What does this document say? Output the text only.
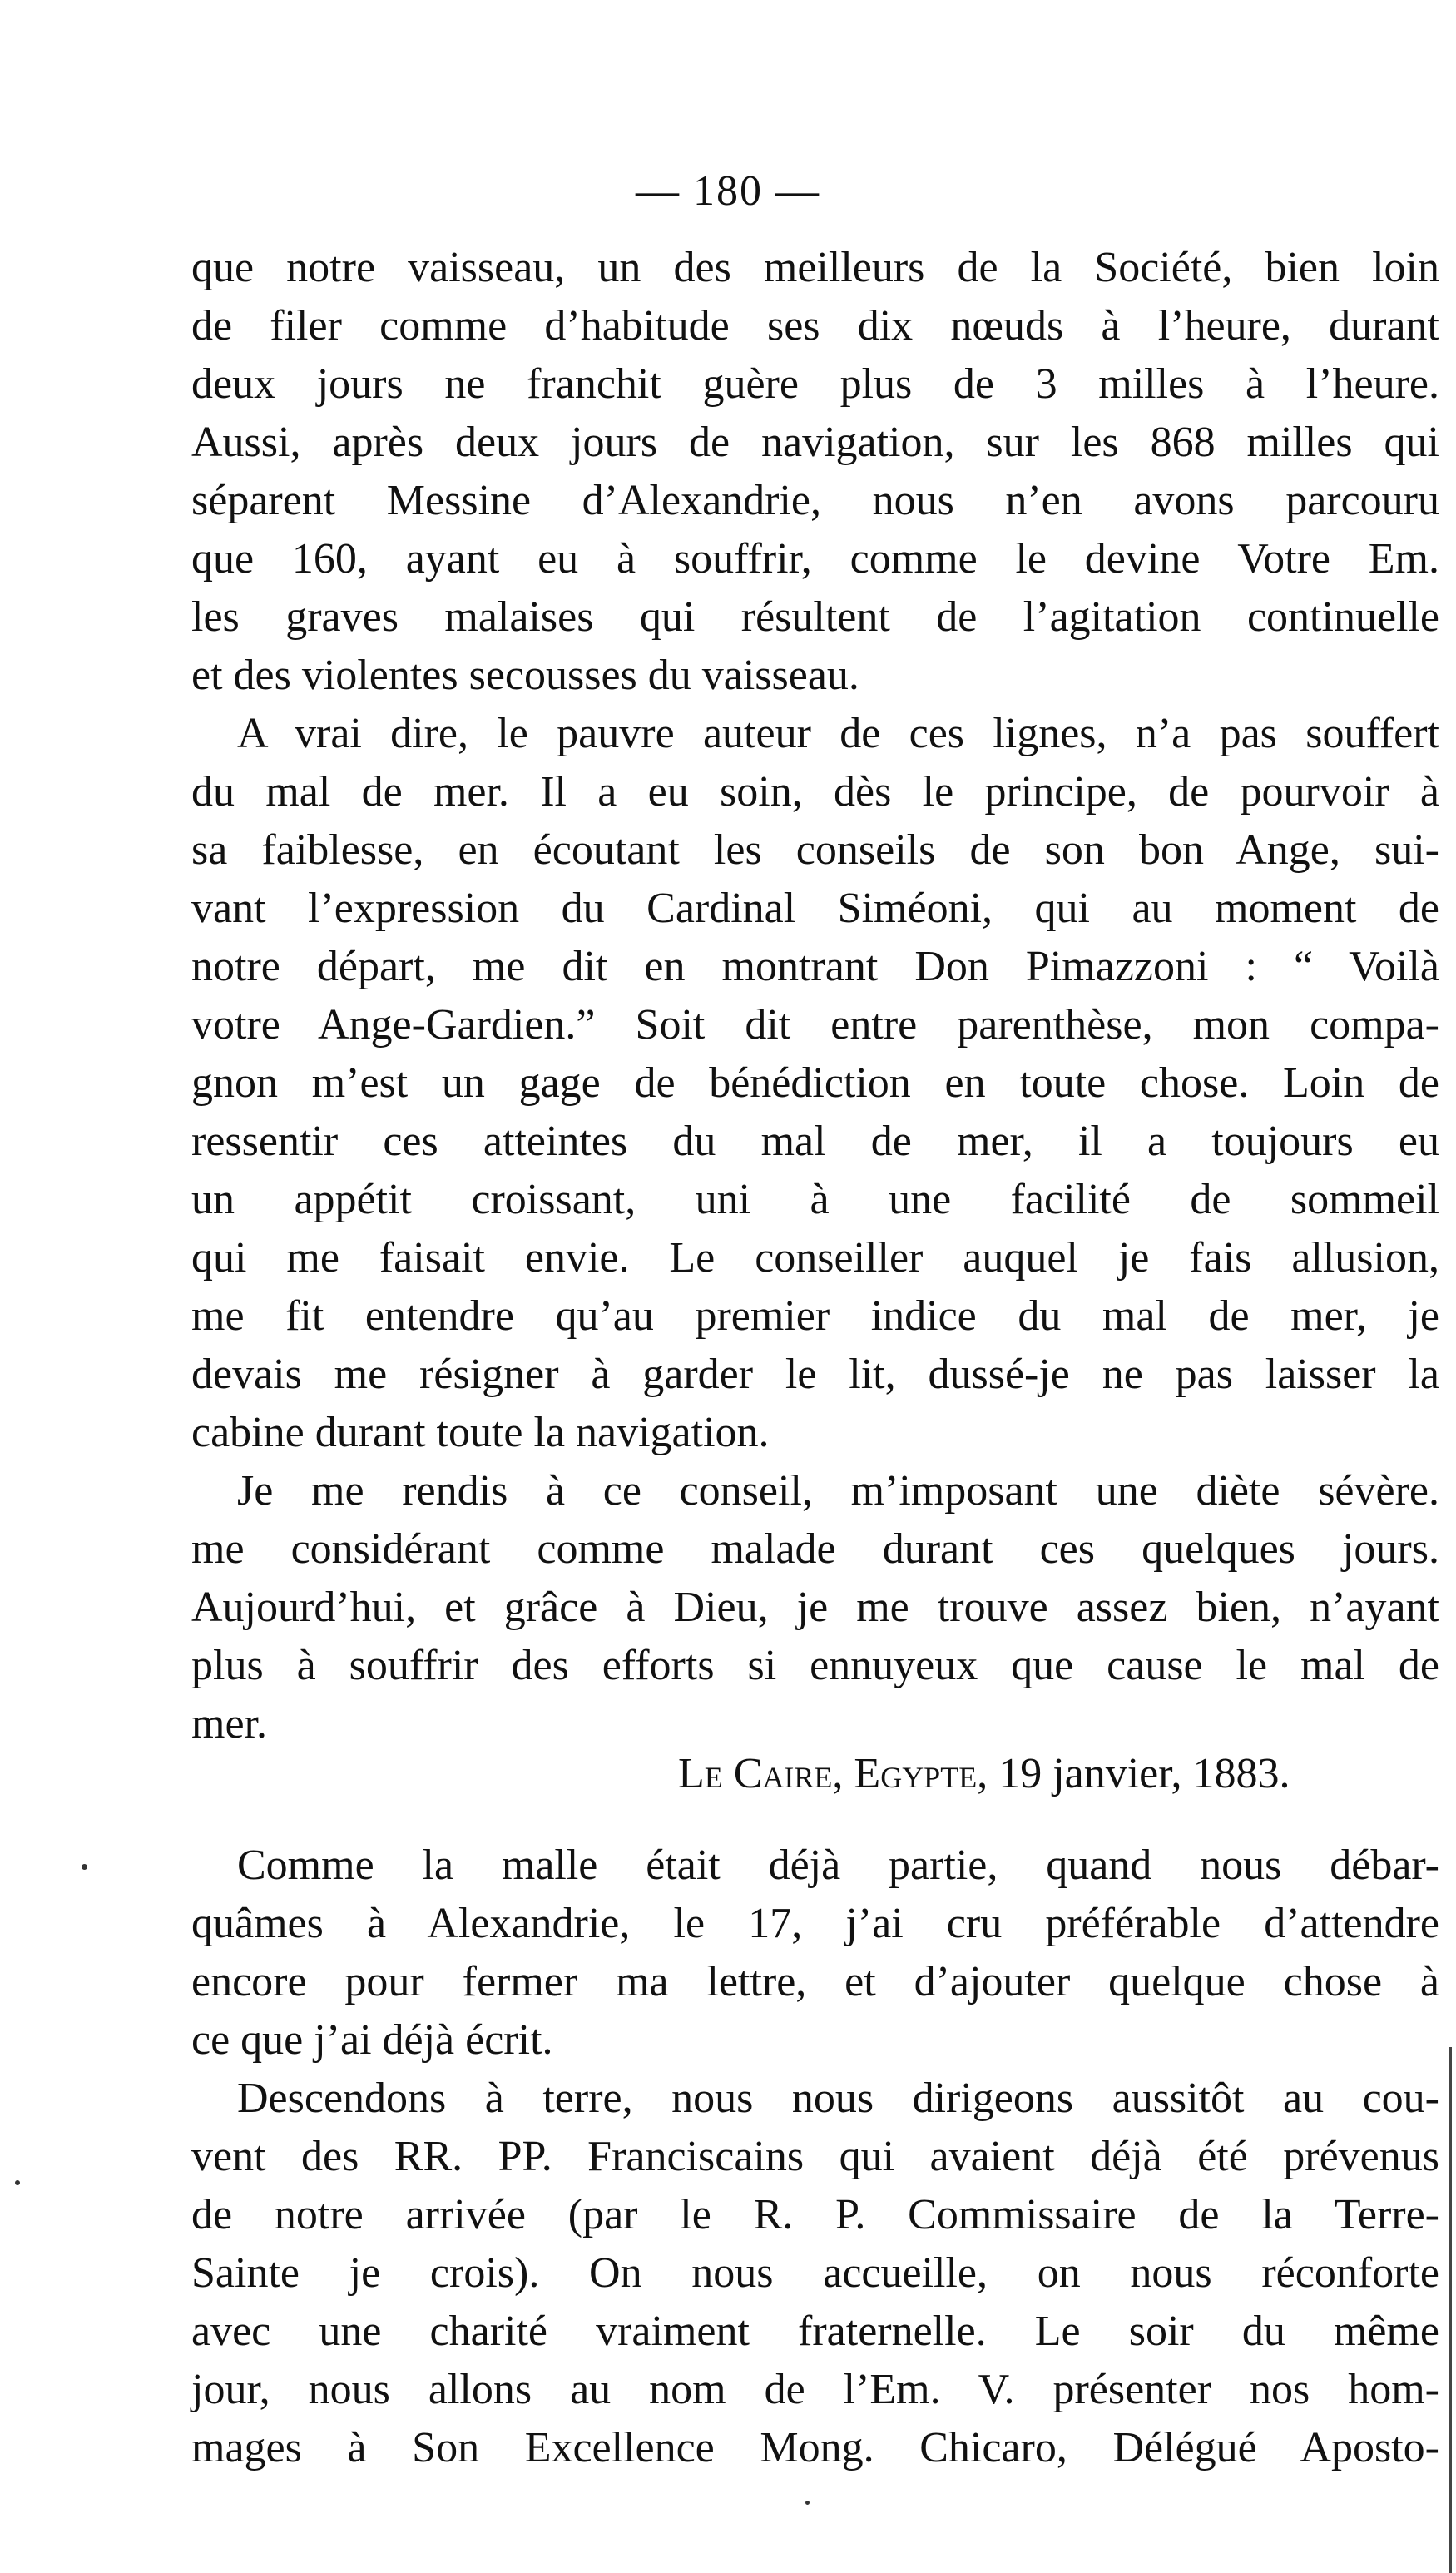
— 180 —
que notre vaisseau, un des meilleurs de la Société, bien loin
de filer comme d’habitude ses dix nœuds à l’heure, durant
deux jours ne franchit guère plus de 3 milles à l’heure.
Aussi, après deux jours de navigation, sur les 868 milles qui
séparent Messine d’Alexandrie, nous n’en avons parcouru
que 160, ayant eu à souffrir, comme le devine Votre Em.
les graves malaises qui résultent de l’agitation continuelle
et des violentes secousses du vaisseau.
A vrai dire, le pauvre auteur de ces lignes, n’a pas souffert
du mal de mer. Il a eu soin, dès le principe, de pourvoir à
sa faiblesse, en écoutant les conseils de son bon Ange, sui-
vant l’expression du Cardinal Siméoni, qui au moment de
notre départ, me dit en montrant Don Pimazzoni : “ Voilà
votre Ange-Gardien.” Soit dit entre parenthèse, mon compa-
gnon m’est un gage de bénédiction en toute chose. Loin de
ressentir ces atteintes du mal de mer, il a toujours eu
un appétit croissant, uni à une facilité de sommeil
qui me faisait envie. Le conseiller auquel je fais allusion,
me fit entendre qu’au premier indice du mal de mer, je
devais me résigner à garder le lit, dussé-je ne pas laisser la
cabine durant toute la navigation.
Je me rendis à ce conseil, m’imposant une diète sévère.
me considérant comme malade durant ces quelques jours.
Aujourd’hui, et grâce à Dieu, je me trouve assez bien, n’ayant
plus à souffrir des efforts si ennuyeux que cause le mal de
mer.
Le Caire, Egypte, 19 janvier, 1883.
Comme la malle était déjà partie, quand nous débar-
quâmes à Alexandrie, le 17, j’ai cru préférable d’attendre
encore pour fermer ma lettre, et d’ajouter quelque chose à
ce que j’ai déjà écrit.
Descendons à terre, nous nous dirigeons aussitôt au cou-
vent des RR. PP. Franciscains qui avaient déjà été prévenus
de notre arrivée (par le R. P. Commissaire de la Terre-
Sainte je crois). On nous accueille, on nous réconforte
avec une charité vraiment fraternelle. Le soir du même
jour, nous allons au nom de l’Em. V. présenter nos hom-
mages à Son Excellence Mong. Chicaro, Délégué Aposto-
